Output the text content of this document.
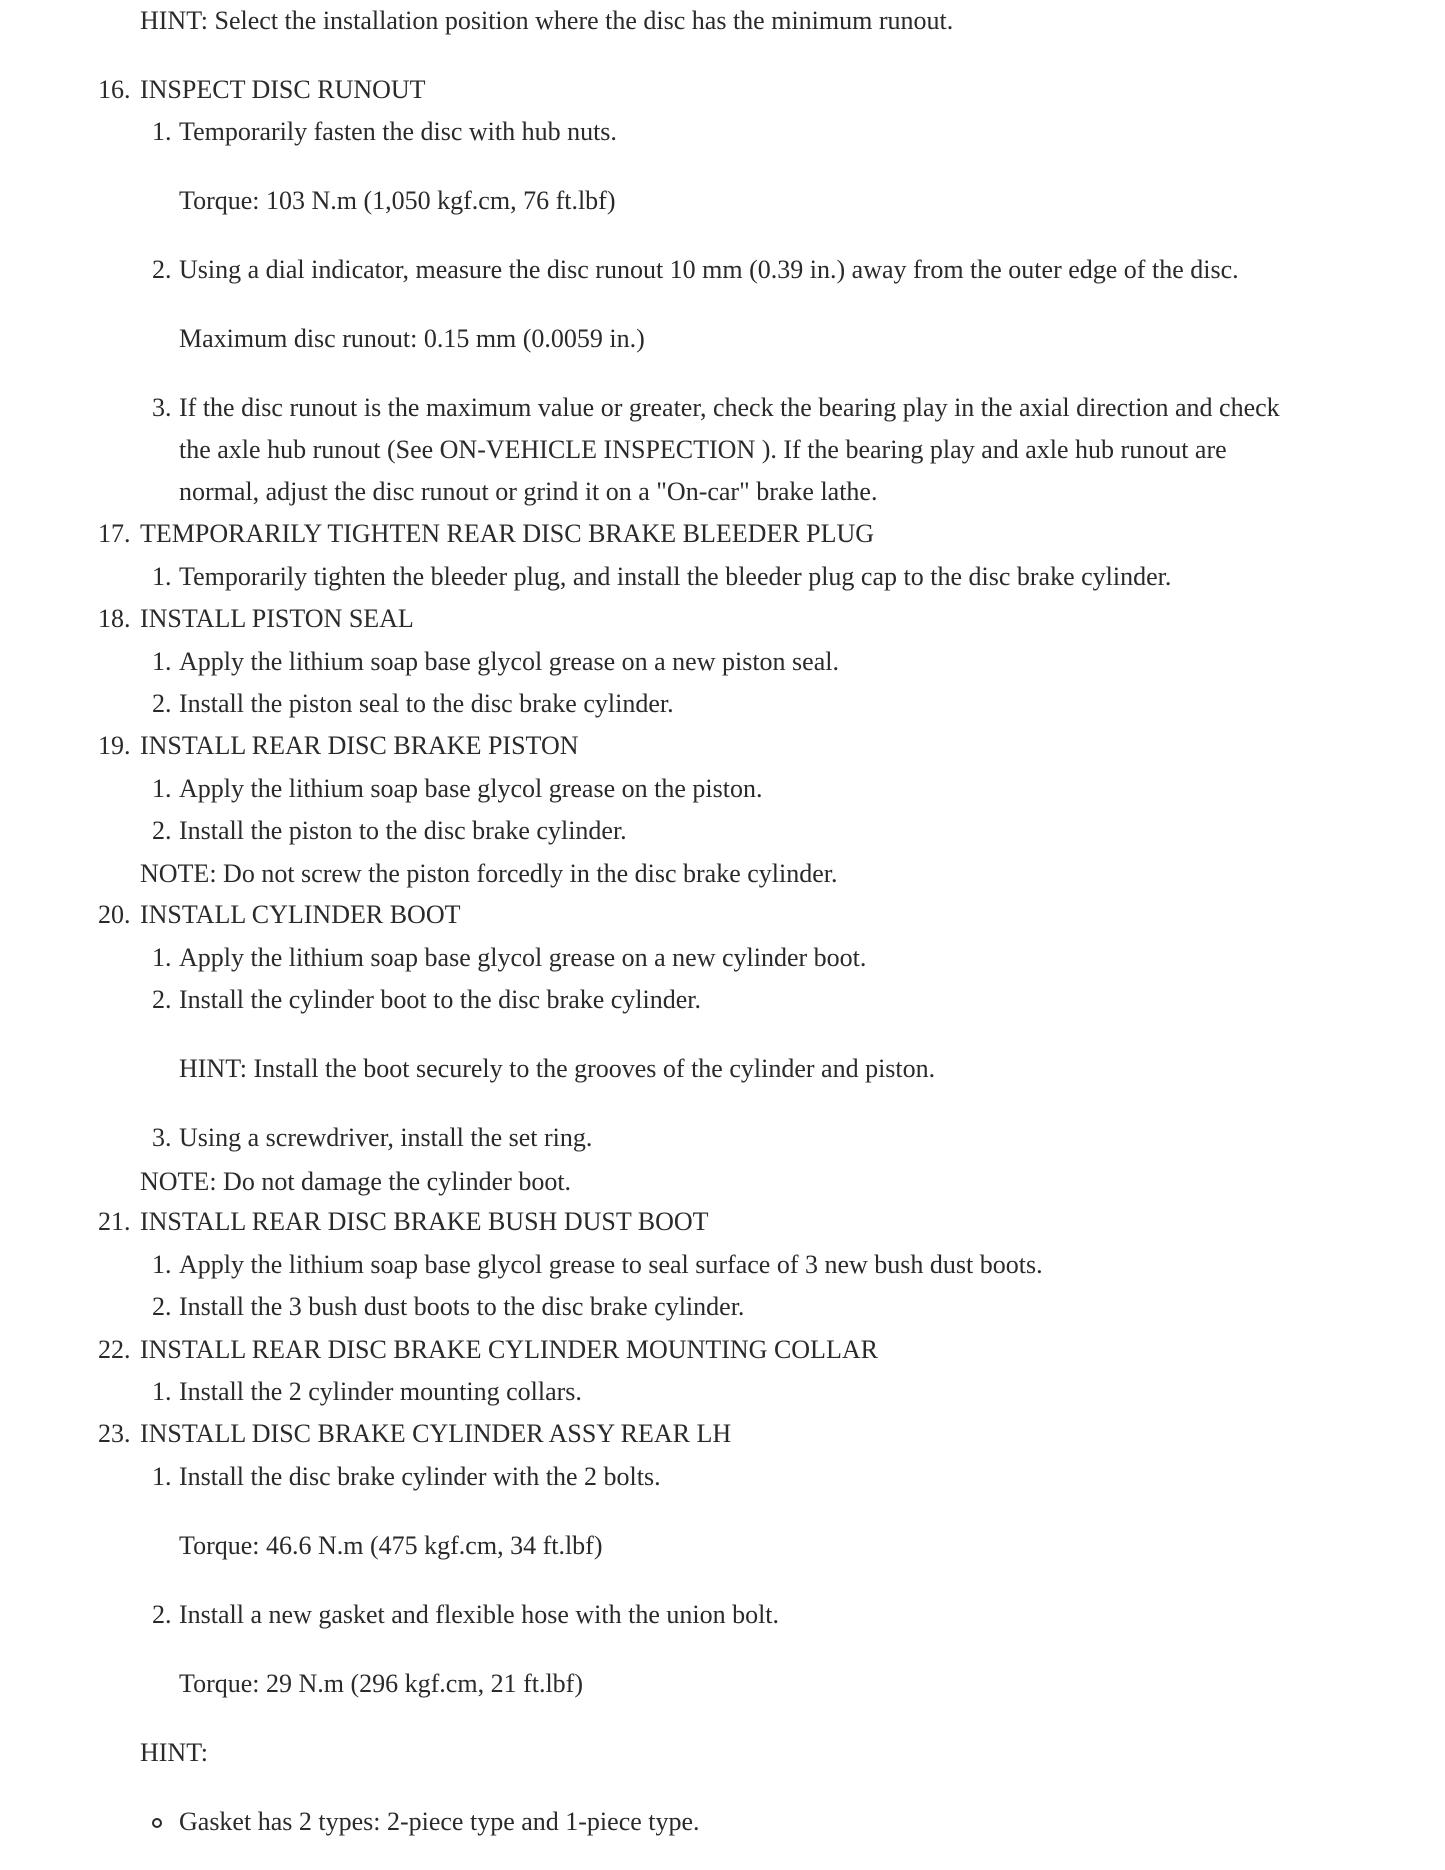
HINT: Select the installation position where the disc has the minimum runout.
16. INSPECT DISC RUNOUT
1. Temporarily fasten the disc with hub nuts.
Torque: 103 N.m (1,050 kgf.cm, 76 ft.lbf)
2. Using a dial indicator, measure the disc runout 10 mm (0.39 in.) away from the outer edge of the disc.
Maximum disc runout: 0.15 mm (0.0059 in.)
3. If the disc runout is the maximum value or greater, check the bearing play in the axial direction and check
the axle hub runout (See ON-VEHICLE INSPECTION ). If the bearing play and axle hub runout are
normal, adjust the disc runout or grind it on a "On-car" brake lathe.
17. TEMPORARILY TIGHTEN REAR DISC BRAKE BLEEDER PLUG
1. Temporarily tighten the bleeder plug, and install the bleeder plug cap to the disc brake cylinder.
18. INSTALL PISTON SEAL
1. Apply the lithium soap base glycol grease on a new piston seal.
2. Install the piston seal to the disc brake cylinder.
19. INSTALL REAR DISC BRAKE PISTON
1. Apply the lithium soap base glycol grease on the piston.
2. Install the piston to the disc brake cylinder.
NOTE: Do not screw the piston forcedly in the disc brake cylinder.
20. INSTALL CYLINDER BOOT
1. Apply the lithium soap base glycol grease on a new cylinder boot.
2. Install the cylinder boot to the disc brake cylinder.
HINT: Install the boot securely to the grooves of the cylinder and piston.
3. Using a screwdriver, install the set ring.
NOTE: Do not damage the cylinder boot.
21. INSTALL REAR DISC BRAKE BUSH DUST BOOT
1. Apply the lithium soap base glycol grease to seal surface of 3 new bush dust boots.
2. Install the 3 bush dust boots to the disc brake cylinder.
22. INSTALL REAR DISC BRAKE CYLINDER MOUNTING COLLAR
1. Install the 2 cylinder mounting collars.
23. INSTALL DISC BRAKE CYLINDER ASSY REAR LH
1. Install the disc brake cylinder with the 2 bolts.
Torque: 46.6 N.m (475 kgf.cm, 34 ft.lbf)
2. Install a new gasket and flexible hose with the union bolt.
Torque: 29 N.m (296 kgf.cm, 21 ft.lbf)
HINT:
Gasket has 2 types: 2-piece type and 1-piece type.
